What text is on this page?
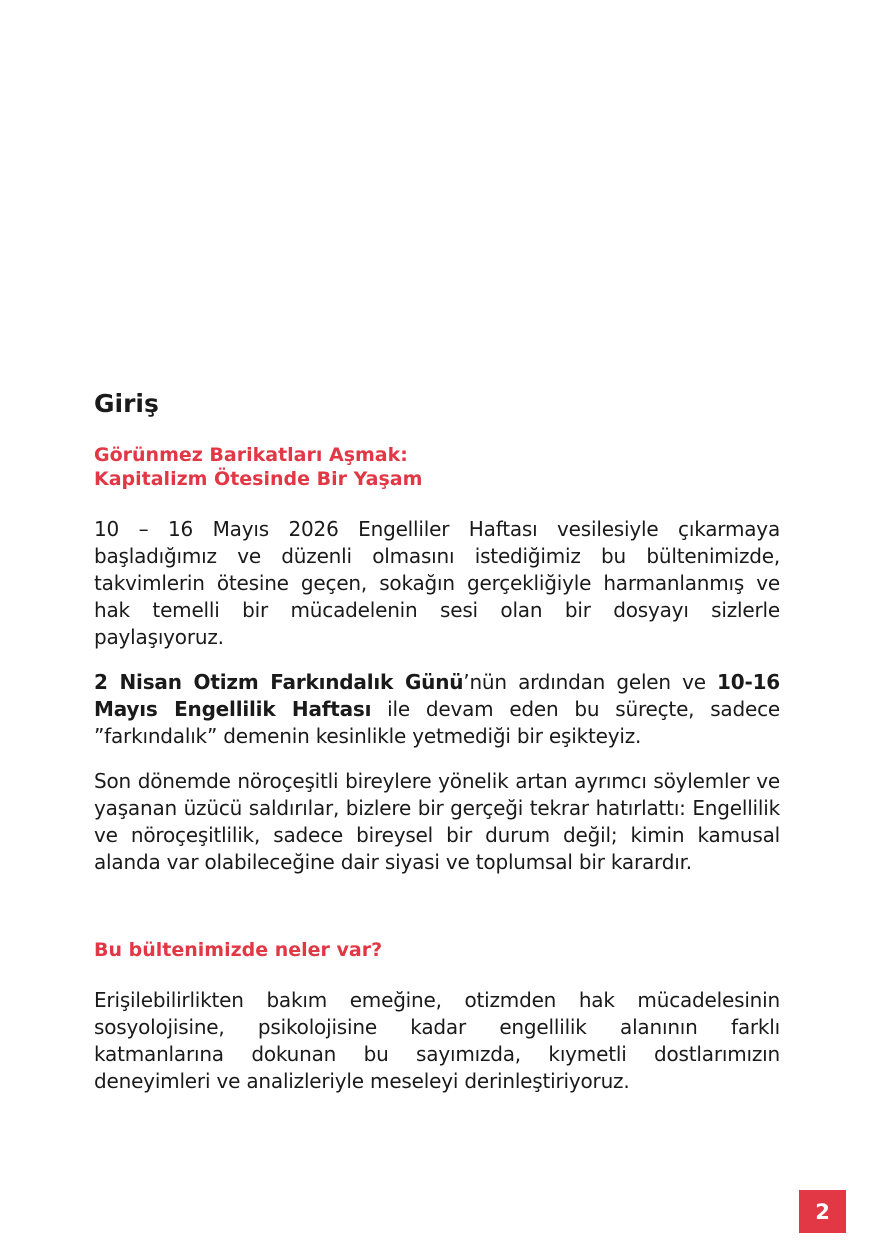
Giriş
Görünmez Barikatları Aşmak:
Kapitalizm Ötesinde Bir Yaşam

10 – 16 Mayıs 2026 Engelliler Haftası vesilesiyle çıkarmaya başladığımız ve düzenli olmasını istediğimiz bu bültenimizde, takvimlerin ötesine geçen, sokağın gerçekliğiyle harmanlanmış ve hak temelli bir mücadelenin sesi olan bir dosyayı sizlerle paylaşıyoruz.

2 Nisan Otizm Farkındalık Günü’nün ardından gelen ve 10-16 Mayıs Engellilik Haftası ile devam eden bu süreçte, sadece ”farkındalık” demenin kesinlikle yetmediği bir eşikteyiz.

Son dönemde nöroçeşitli bireylere yönelik artan ayrımcı söylemler ve yaşanan üzücü saldırılar, bizlere bir gerçeği tekrar hatırlattı: Engellilik ve nöroçeşitlilik, sadece bireysel bir durum değil; kimin kamusal alanda var olabileceğine dair siyasi ve toplumsal bir karardır.

Bu bültenimizde neler var?

Erişilebilirlikten bakım emeğine, otizmden hak mücadelesinin sosyolojisine, psikolojisine kadar engellilik alanının farklı katmanlarına dokunan bu sayımızda, kıymetli dostlarımızın deneyimleri ve analizleriyle meseleyi derinleştiriyoruz.

2
